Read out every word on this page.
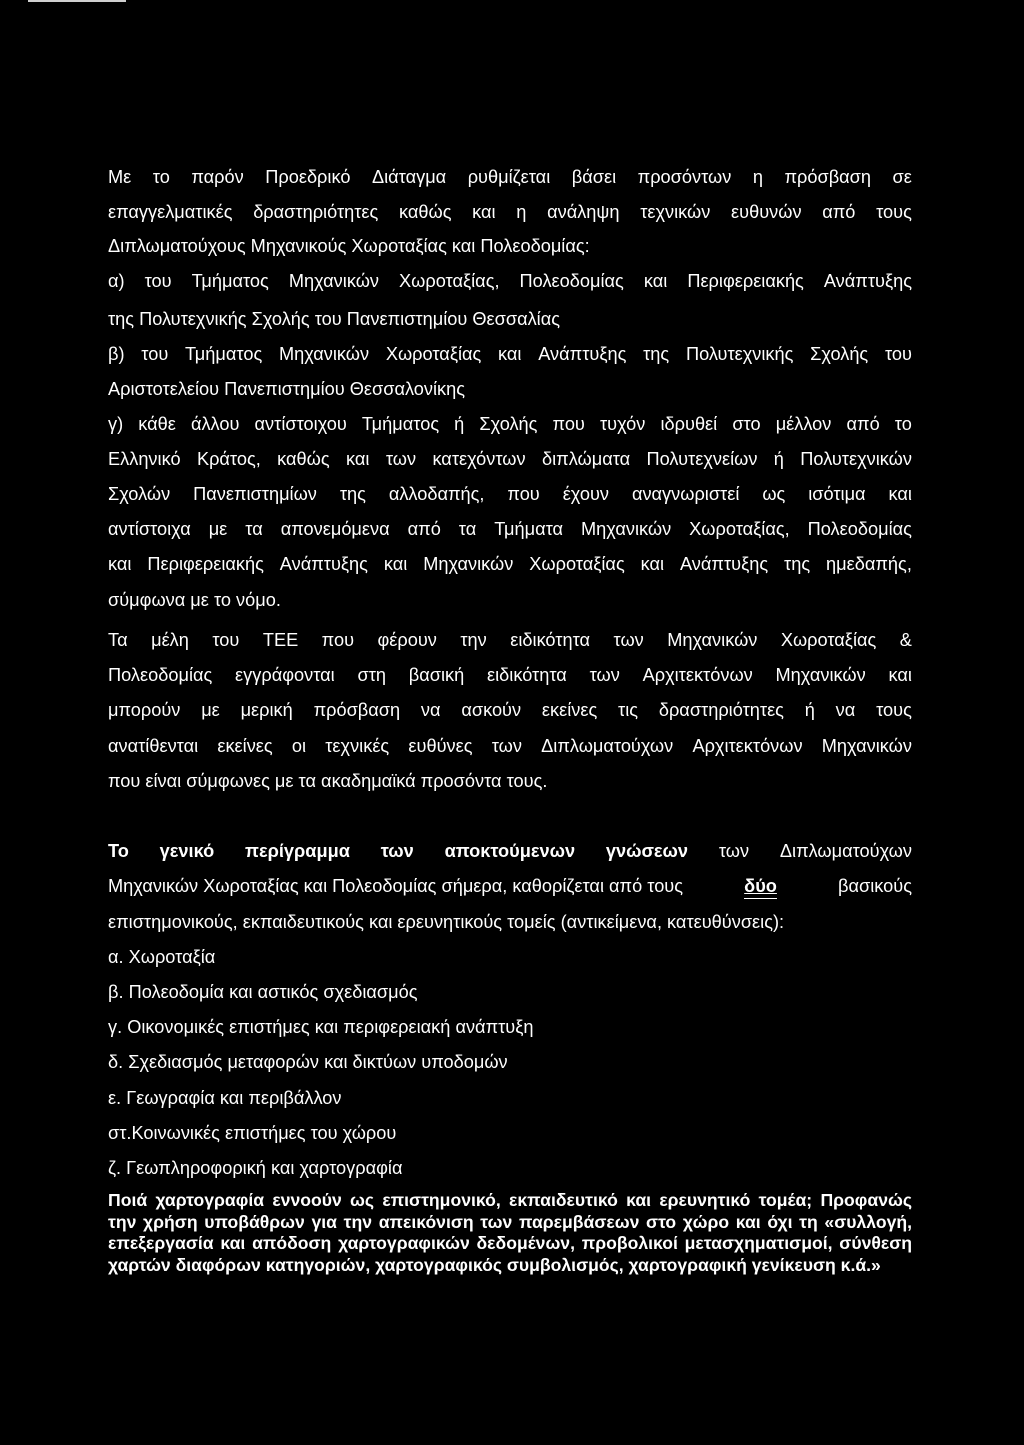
Με το παρόν Προεδρικό Διάταγμα ρυθμίζεται βάσει προσόντων η πρόσβαση σε
επαγγελματικές δραστηριότητες καθώς και η ανάληψη τεχνικών ευθυνών από τους
Διπλωματούχους Μηχανικούς Χωροταξίας και Πολεοδομίας:
α) του Τμήματος Μηχανικών Χωροταξίας, Πολεοδομίας και Περιφερειακής Ανάπτυξης
της Πολυτεχνικής Σχολής του Πανεπιστημίου Θεσσαλίας
β) του Τμήματος Μηχανικών Χωροταξίας και Ανάπτυξης της Πολυτεχνικής Σχολής του
Αριστοτελείου Πανεπιστημίου Θεσσαλονίκης
γ) κάθε άλλου αντίστοιχου Τμήματος ή Σχολής που τυχόν ιδρυθεί στο μέλλον από το
Ελληνικό Κράτος, καθώς και των κατεχόντων διπλώματα Πολυτεχνείων ή Πολυτεχνικών
Σχολών Πανεπιστημίων της αλλοδαπής, που έχουν αναγνωριστεί ως ισότιμα και
αντίστοιχα με τα απονεμόμενα από τα Τμήματα Μηχανικών Χωροταξίας, Πολεοδομίας
και Περιφερειακής Ανάπτυξης και Μηχανικών Χωροταξίας και Ανάπτυξης της ημεδαπής,
σύμφωνα με το νόμο.
Τα μέλη του ΤΕΕ που φέρουν την ειδικότητα των Μηχανικών Χωροταξίας &
Πολεοδομίας εγγράφονται στη βασική ειδικότητα των Αρχιτεκτόνων Μηχανικών και
μπορούν με μερική πρόσβαση να ασκούν εκείνες τις δραστηριότητες ή να τους
ανατίθενται εκείνες οι τεχνικές ευθύνες των Διπλωματούχων Αρχιτεκτόνων Μηχανικών
που είναι σύμφωνες με τα ακαδημαϊκά προσόντα τους.
Το γενικό περίγραμμα των αποκτούμενων γνώσεων των Διπλωματούχων
Μηχανικών Χωροταξίας και Πολεοδομίας σήμερα, καθορίζεται από τους	δύο	βασικούς
επιστημονικούς, εκπαιδευτικούς και ερευνητικούς τομείς (αντικείμενα, κατευθύνσεις):
α. Χωροταξία
β. Πολεοδομία και αστικός σχεδιασμός
γ. Οικονομικές επιστήμες και περιφερειακή ανάπτυξη
δ. Σχεδιασμός μεταφορών και δικτύων υποδομών
ε. Γεωγραφία και περιβάλλον
στ.Κοινωνικές επιστήμες του χώρου
ζ. Γεωπληροφορική και χαρτογραφία
Ποιά χαρτογραφία εννοούν ως επιστημονικό, εκπαιδευτικό και ερευνητικό τομέα; Προφανώς την χρήση υποβάθρων για την απεικόνιση των παρεμβάσεων στο χώρο και όχι τη «συλλογή, επεξεργασία και απόδοση χαρτογραφικών δεδομένων, προβολικοί μετασχηματισμοί, σύνθεση χαρτών διαφόρων κατηγοριών, χαρτογραφικός συμβολισμός, χαρτογραφική γενίκευση κ.ά.»
